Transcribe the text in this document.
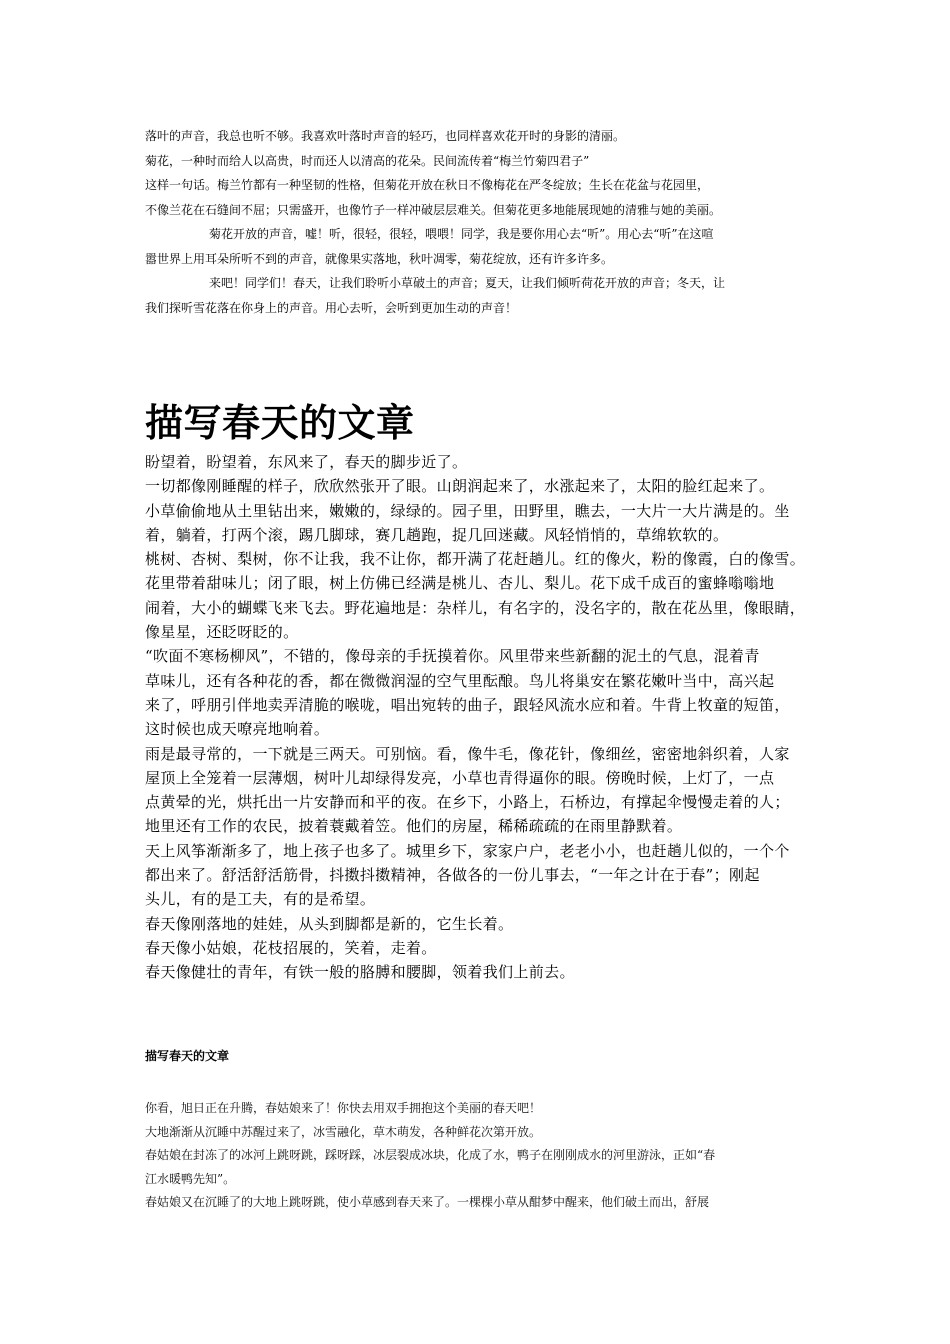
落叶的声音，我总也听不够。我喜欢叶落时声音的轻巧，也同样喜欢花开时的身影的清丽。

菊花，一种时而给人以高贵，时而还人以清高的花朵。民间流传着“梅兰竹菊四君子”

这样一句话。梅兰竹都有一种坚韧的性格，但菊花开放在秋日不像梅花在严冬绽放；生长在花盆与花园里，

不像兰花在石缝间不屈；只需盛开，也像竹子一样冲破层层难关。但菊花更多地能展现她的清雅与她的美丽。

菊花开放的声音，嘘！听，很轻，很轻，喂喂！同学，我是要你用心去“听”。用心去“听”在这喧

嚣世界上用耳朵所听不到的声音，就像果实落地，秋叶凋零，菊花绽放，还有许多许多。

来吧！同学们！春天，让我们聆听小草破土的声音；夏天，让我们倾听荷花开放的声音；冬天，让

我们探听雪花落在你身上的声音。用心去听，会听到更加生动的声音！

描写春天的文章

盼望着，盼望着，东风来了，春天的脚步近了。

一切都像刚睡醒的样子，欣欣然张开了眼。山朗润起来了，水涨起来了，太阳的脸红起来了。

小草偷偷地从土里钻出来，嫩嫩的，绿绿的。园子里，田野里，瞧去，一大片一大片满是的。坐

着，躺着，打两个滚，踢几脚球，赛几趟跑，捉几回迷藏。风轻悄悄的，草绵软软的。

桃树、杏树、梨树，你不让我，我不让你，都开满了花赶趟儿。红的像火，粉的像霞，白的像雪。

花里带着甜味儿；闭了眼，树上仿佛已经满是桃儿、杏儿、梨儿。花下成千成百的蜜蜂嗡嗡地

闹着，大小的蝴蝶飞来飞去。野花遍地是：杂样儿，有名字的，没名字的，散在花丛里，像眼睛，

像星星，还眨呀眨的。

“吹面不寒杨柳风”，不错的，像母亲的手抚摸着你。风里带来些新翻的泥土的气息，混着青

草味儿，还有各种花的香，都在微微润湿的空气里酝酿。鸟儿将巢安在繁花嫩叶当中，高兴起

来了，呼朋引伴地卖弄清脆的喉咙，唱出宛转的曲子，跟轻风流水应和着。牛背上牧童的短笛，

这时候也成天嘹亮地响着。

雨是最寻常的，一下就是三两天。可别恼。看，像牛毛，像花针，像细丝，密密地斜织着，人家

屋顶上全笼着一层薄烟，树叶儿却绿得发亮，小草也青得逼你的眼。傍晚时候，上灯了，一点

点黄晕的光，烘托出一片安静而和平的夜。在乡下，小路上，石桥边，有撑起伞慢慢走着的人；

地里还有工作的农民，披着蓑戴着笠。他们的房屋，稀稀疏疏的在雨里静默着。

天上风筝渐渐多了，地上孩子也多了。城里乡下，家家户户，老老小小，也赶趟儿似的，一个个

都出来了。舒活舒活筋骨，抖擞抖擞精神，各做各的一份儿事去，“一年之计在于春”；刚起

头儿，有的是工夫，有的是希望。

春天像刚落地的娃娃，从头到脚都是新的，它生长着。

春天像小姑娘，花枝招展的，笑着，走着。

春天像健壮的青年，有铁一般的胳膊和腰脚，领着我们上前去。

描写春天的文章

你看，旭日正在升腾，春姑娘来了！你快去用双手拥抱这个美丽的春天吧！

大地渐渐从沉睡中苏醒过来了，冰雪融化，草木萌发，各种鲜花次第开放。

春姑娘在封冻了的冰河上跳呀跳，踩呀踩，冰层裂成冰块，化成了水，鸭子在刚刚成水的河里游泳，正如“春

江水暖鸭先知”。

春姑娘又在沉睡了的大地上跳呀跳，使小草感到春天来了。一棵棵小草从酣梦中醒来，他们破土而出，舒展
